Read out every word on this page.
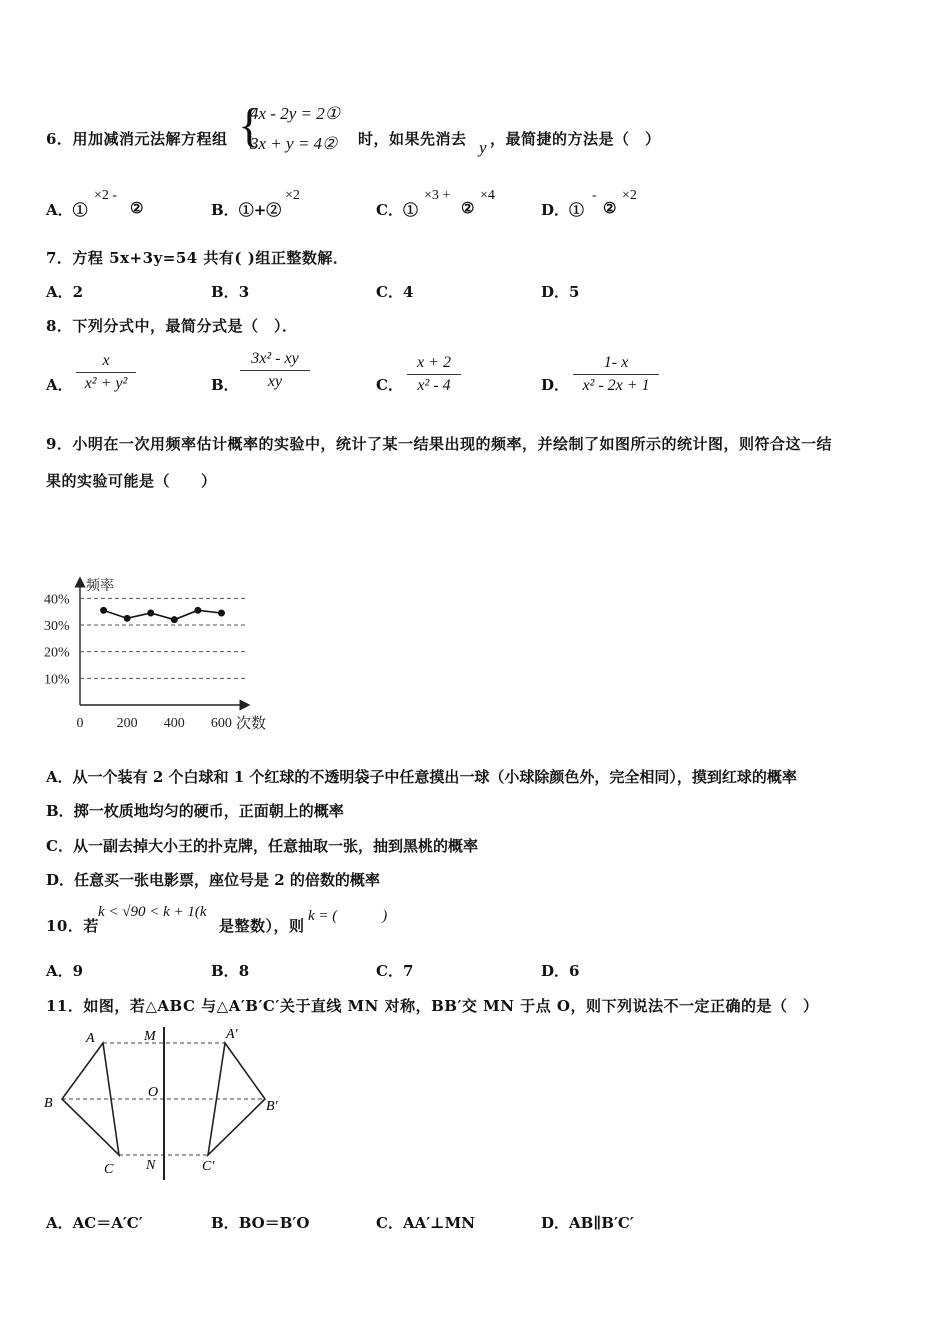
6．用加减消元法解方程组 {
4x - 2y = 2①
3x + y = 4② 时，如果先消去 y ，最简捷的方法是（　）
A．①
×2 -
②	B．①+②
×2
C．①
×3 +
②
×4
D．①
-
②
×2
7．方程 5x+3y=54 共有( )组正整数解．
A．2	B．3	C．4	D．5
8．下列分式中，最简分式是（　）．
A．
x
x² + y²	B．
3x² - xy
xy	C．
x + 2
x² - 4	D．
1- x
x² - 2x + 1
9．小明在一次用频率估计概率的实验中，统计了某一结果出现的频率，并绘制了如图所示的统计图，则符合这一结
果的实验可能是（　　）
频率
次数
40%
30%
20%
10%
0 200 400 600
A．从一个装有 2 个白球和 1 个红球的不透明袋子中任意摸出一球（小球除颜色外，完全相同），摸到红球的概率
B．掷一枚质地均匀的硬币，正面朝上的概率
C．从一副去掉大小王的扑克牌，任意抽取一张，抽到黑桃的概率
D．任意买一张电影票，座位号是 2 的倍数的概率
10．若
k < √90 < k + 1(k
是整数），则
k = (　　　)
A．9	B．8	C．7	D．6
11．如图，若△ABC 与△A′B′C′关于直线 MN 对称，BB′交 MN 于点 O，则下列说法不一定正确的是（　）
A
B
C
A′
B′
C′
M
O
N
A．AC＝A′C′	B．BO＝B′O	C．AA′⊥MN	D．AB∥B′C′
